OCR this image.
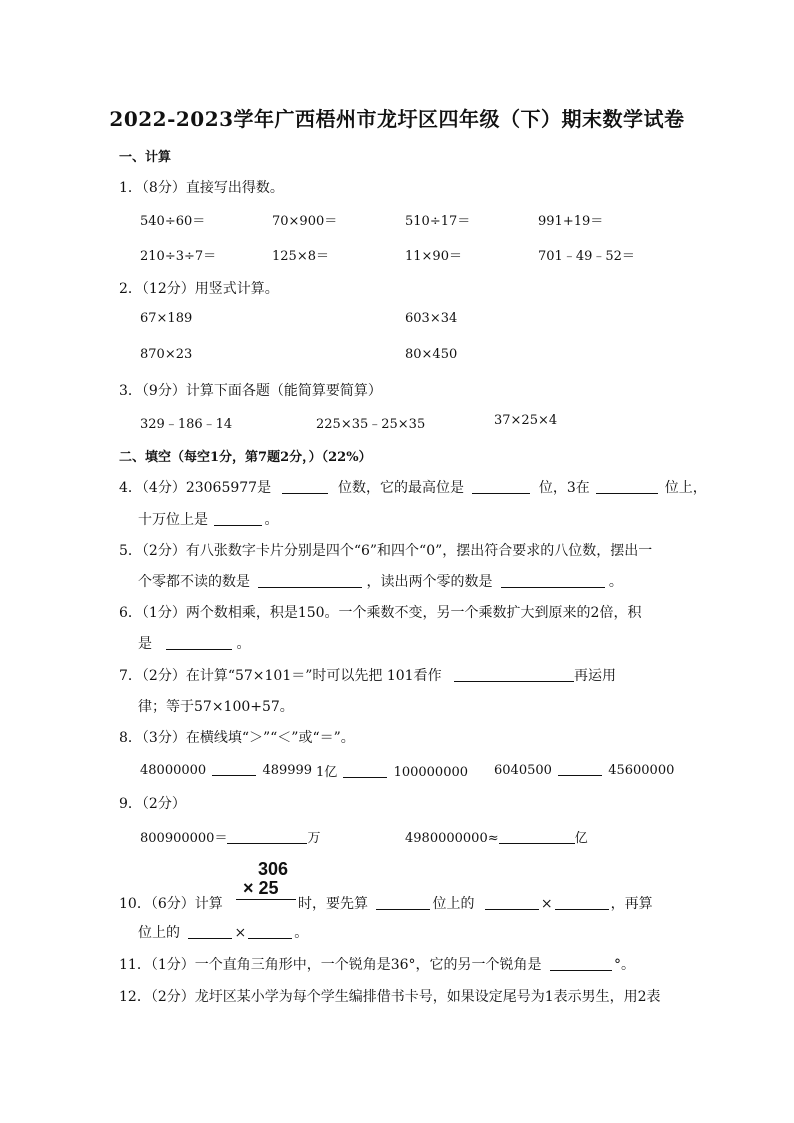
2022-2023学年广西梧州市龙圩区四年级（下）期末数学试卷
一、计算
1．（8分）直接写出得数。
540÷60＝	70×900＝	510÷17＝	991+19＝
210÷3÷7＝	125×8＝	11×90＝	701﹣49﹣52＝
2．（12分）用竖式计算。
67×189	603×34
870×23	80×450
3．（9分）计算下面各题（能简算要简算）
329﹣186﹣14	225×35﹣25×35	37×25×4
二、填空（每空1分，第7题2分，）（22%）
4．（4分）23065977是	位数，它的最高位是	位，3在	位上，
十万位上是	。
5．（2分）有八张数字卡片分别是四个“6”和四个“0”，摆出符合要求的八位数，摆出一
个零都不读的数是	，读出两个零的数是	。
6．（1分）两个数相乘，积是150。一个乘数不变，另一个乘数扩大到原来的2倍，积
是	。
7．（2分）在计算“57×101＝”时可以先把 101看作	再运用
律；等于57×100+57。
8．（3分）在横线填“＞”“＜”或“＝”。
48000000	489999 1亿	100000000 6040500	45600000
9．（2分）
800900000＝	万	4980000000≈	亿
306
× 25
10．（6分）计算	时，要先算	位上的	×	，再算
位上的	×	。
11．（1分）一个直角三角形中，一个锐角是36°，它的另一个锐角是	°。
12．（2分）龙圩区某小学为每个学生编排借书卡号，如果设定尾号为1表示男生，用2表
